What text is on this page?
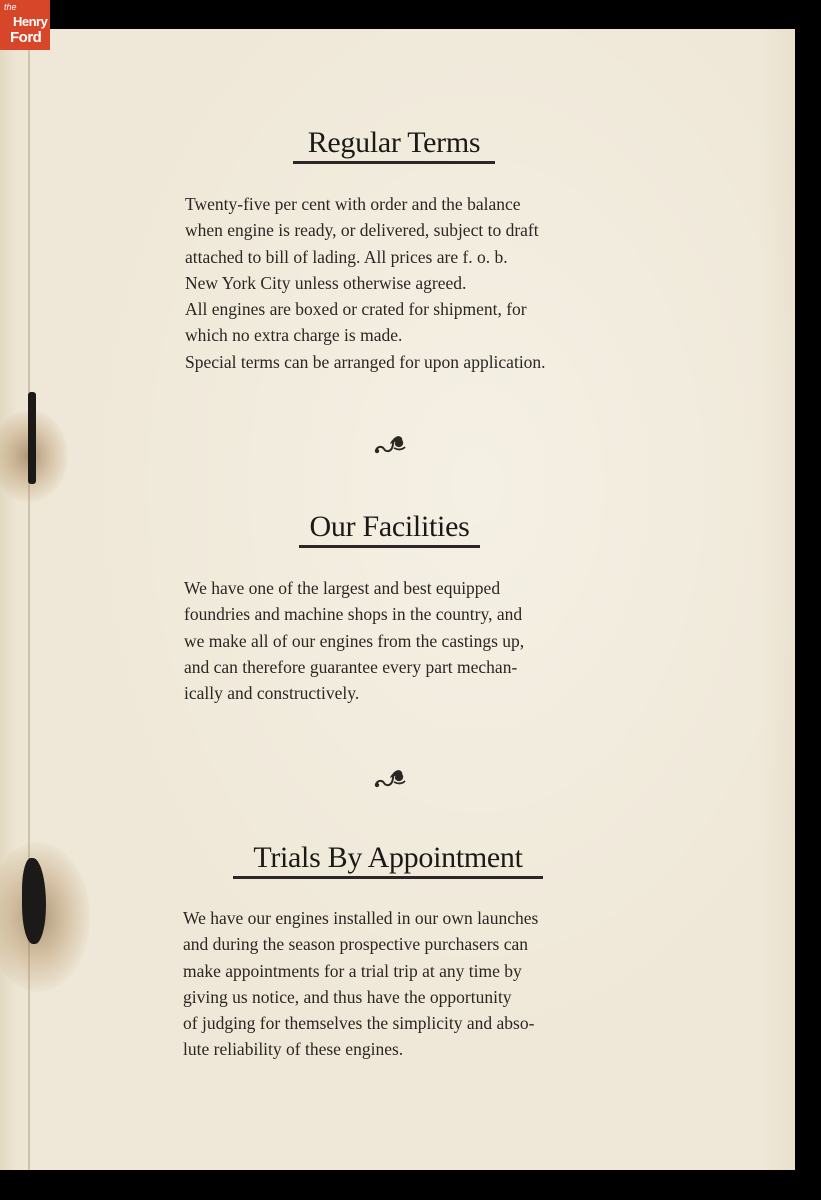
the
Henry
Ford
Regular Terms

Twenty-five per cent with order and the balance

when engine is ready, or delivered, subject to draft

attached to bill of lading. All prices are f. o. b.

New York City unless otherwise agreed.

All engines are boxed or crated for shipment, for

which no extra charge is made.

Special terms can be arranged for upon application.

Our Facilities

We have one of the largest and best equipped

foundries and machine shops in the country, and

we make all of our engines from the castings up,

and can therefore guarantee every part mechan-

ically and constructively.

Trials By Appointment

We have our engines installed in our own launches

and during the season prospective purchasers can

make appointments for a trial trip at any time by

giving us notice, and thus have the opportunity

of judging for themselves the simplicity and abso-

lute reliability of these engines.
